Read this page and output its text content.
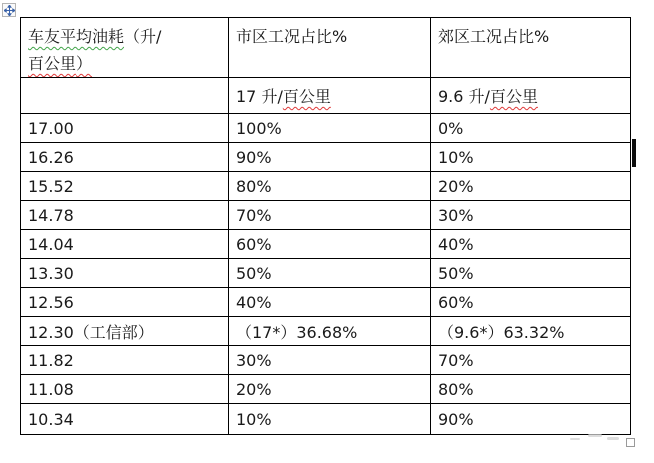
车友平均油耗（升/
百公里）	市区工况占比%	郊区工况占比%

	17 升/百公里	9.6 升/百公里
17.00	100%	0%
16.26	90%	10%
15.52	80%	20%
14.78	70%	30%
14.04	60%	40%
13.30	50%	50%
12.56	40%	60%
12.30（工信部）	（17*）36.68%	（9.6*）63.32%
11.82	30%	70%
11.08	20%	80%
10.34	10%	90%
